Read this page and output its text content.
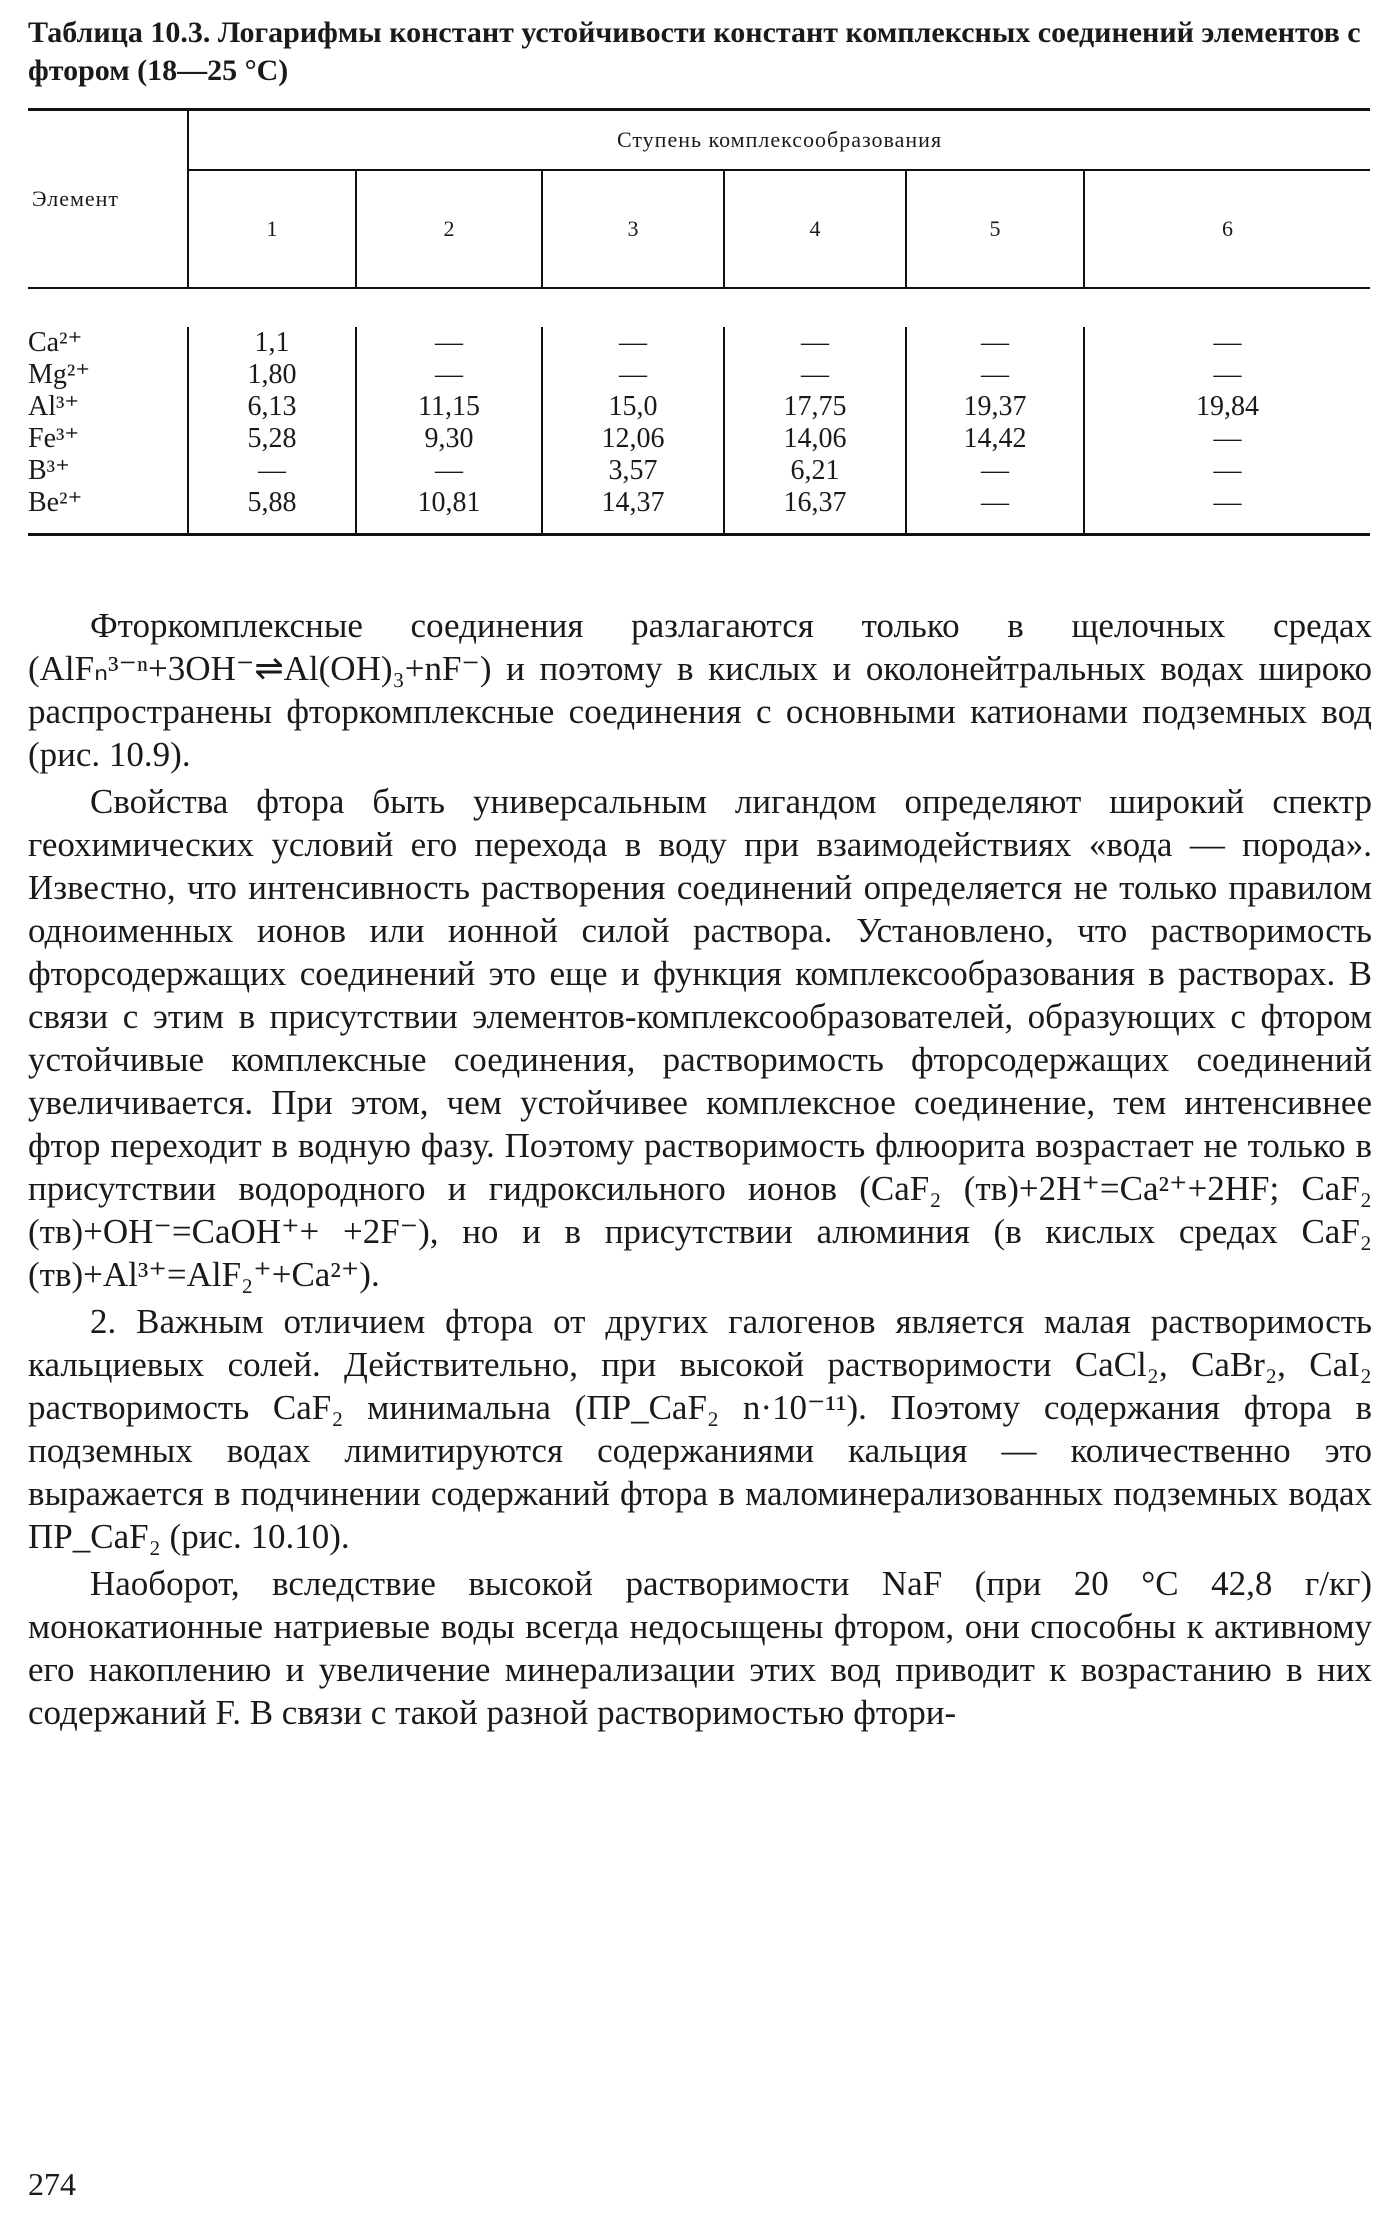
Таблица 10.3. Логарифмы констант устойчивости констант комплексных соединений элементов с фтором (18—25 °С)
Элемент	Ступень комплексообразования					
	1	2	3	4	5	6

Ca²⁺	1,1	—	—	—	—	—
Mg²⁺	1,80	—	—	—	—	—
Al³⁺	6,13	11,15	15,0	17,75	19,37	19,84
Fe³⁺	5,28	9,30	12,06	14,06	14,42	—
B³⁺	—	—	3,57	6,21	—	—
Be²⁺	5,88	10,81	14,37	16,37	—	—

Фторкомплексные соединения разлагаются только в щелочных средах (AlFₙ³⁻ⁿ+3OH⁻⇌Al(OH)₃+nF⁻) и поэтому в кислых и околонейтральных водах широко распространены фторкомплексные соединения с основными катионами подземных вод (рис. 10.9).

Свойства фтора быть универсальным лигандом определяют широкий спектр геохимических условий его перехода в воду при взаимодействиях «вода — порода». Известно, что интенсивность растворения соединений определяется не только правилом одноименных ионов или ионной силой раствора. Установлено, что растворимость фторсодержащих соединений это еще и функция комплексообразования в растворах. В связи с этим в присутствии элементов-комплексообразователей, образующих с фтором устойчивые комплексные соединения, растворимость фторсодержащих соединений увеличивается. При этом, чем устойчивее комплексное соединение, тем интенсивнее фтор переходит в водную фазу. Поэтому растворимость флюорита возрастает не только в присутствии водородного и гидроксильного ионов (CaF₂ (тв)+2H⁺=Ca²⁺+2HF; CaF₂ (тв)+OH⁻=CaOH⁺+ +2F⁻), но и в присутствии алюминия (в кислых средах CaF₂ (тв)+Al³⁺=AlF₂⁺+Ca²⁺).

2. Важным отличием фтора от других галогенов является малая растворимость кальциевых солей. Действительно, при высокой растворимости CaCl₂, CaBr₂, CaI₂ растворимость CaF₂ минимальна (ПР_CaF₂ n·10⁻¹¹). Поэтому содержания фтора в подземных водах лимитируются содержаниями кальция — количественно это выражается в подчинении содержаний фтора в маломинерализованных подземных водах ПР_CaF₂ (рис. 10.10).

Наоборот, вследствие высокой растворимости NaF (при 20 °С 42,8 г/кг) монокатионные натриевые воды всегда недосыщены фтором, они способны к активному его накоплению и увеличение минерализации этих вод приводит к возрастанию в них содержаний F. В связи с такой разной растворимостью фтори-

274
